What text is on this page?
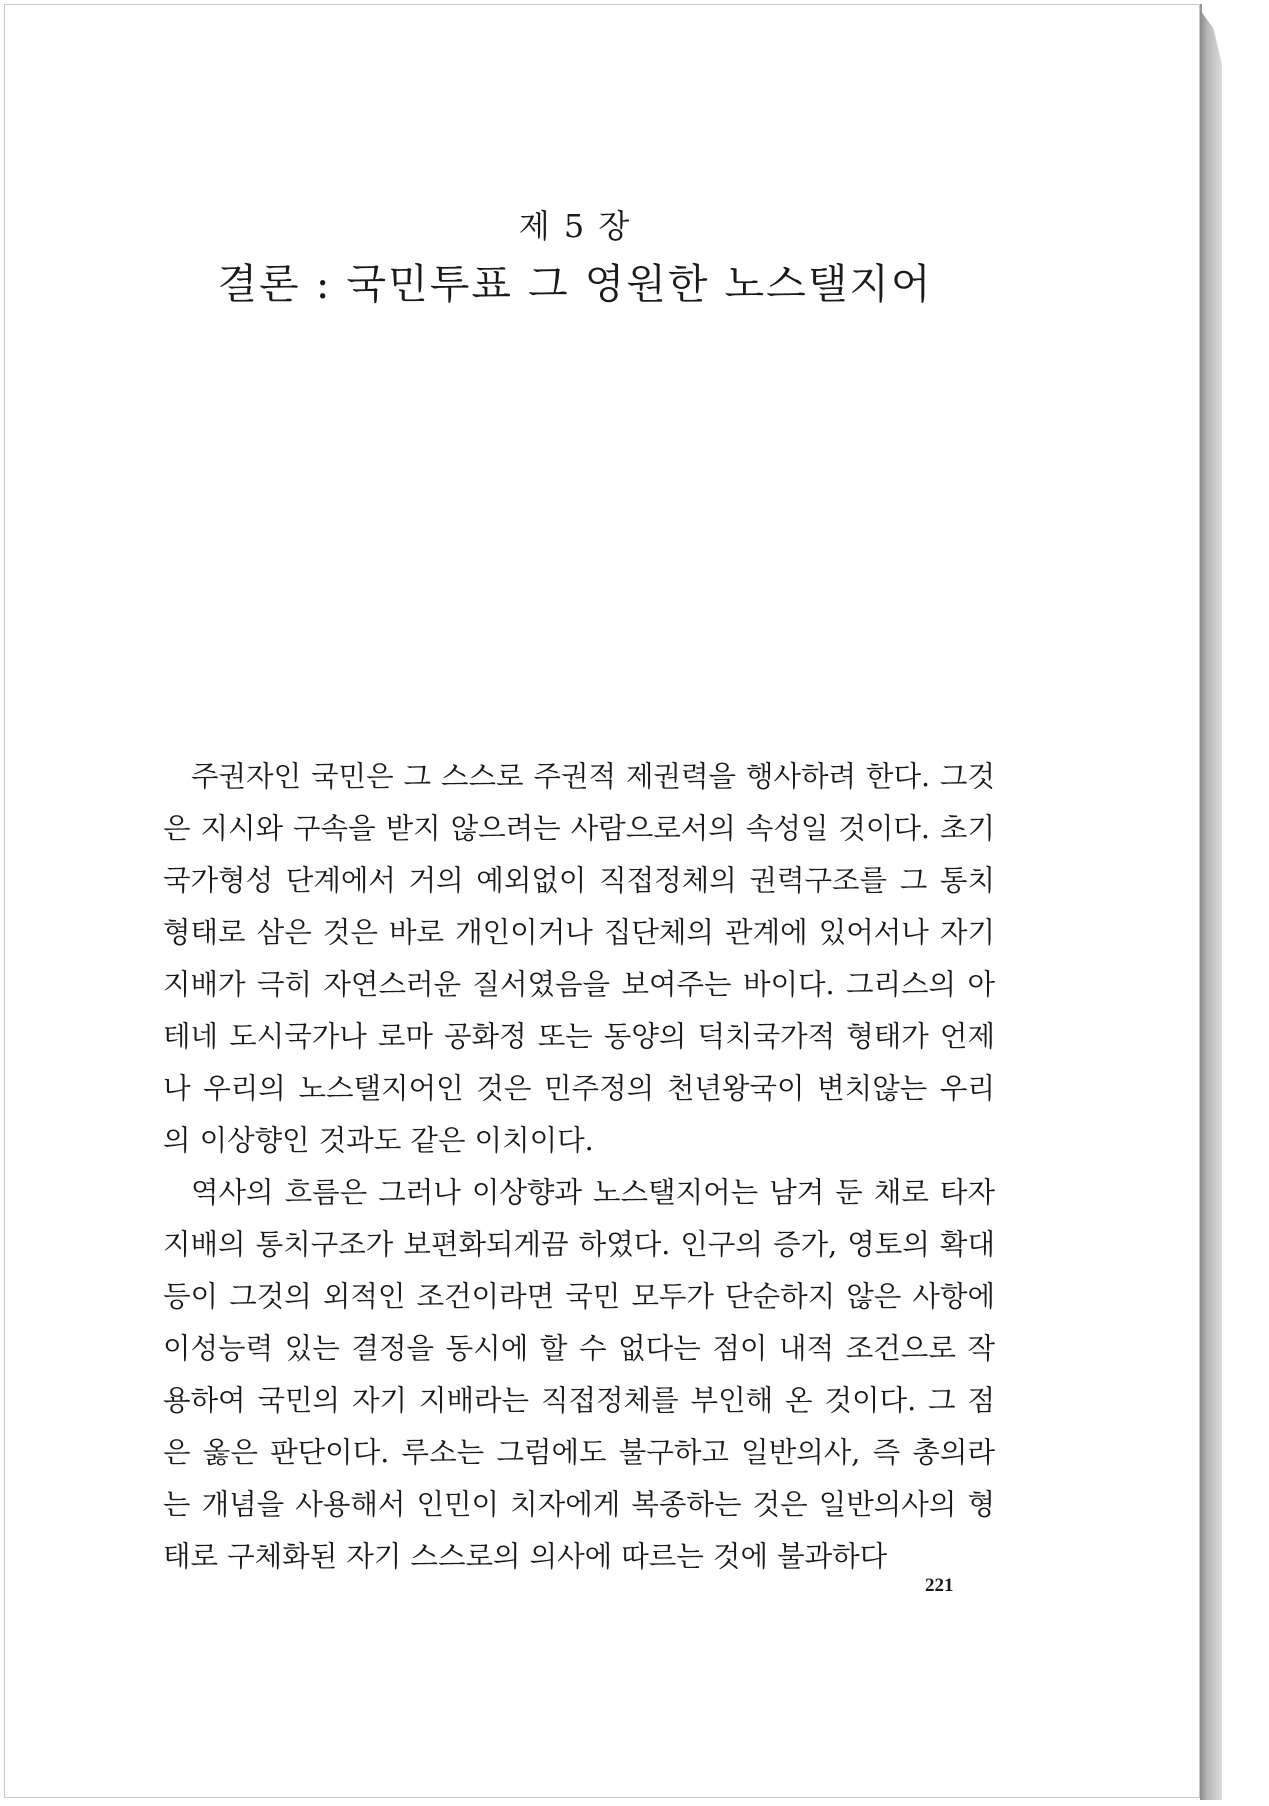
제 5 장
결론 : 국민투표 그 영원한 노스탤지어

주권자인 국민은 그 스스로 주권적 제권력을 행사하려 한다. 그것은 지시와 구속을 받지 않으려는 사람으로서의 속성일 것이다. 초기 국가형성 단계에서 거의 예외없이 직접정체의 권력구조를 그 통치형태로 삼은 것은 바로 개인이거나 집단체의 관계에 있어서나 자기 지배가 극히 자연스러운 질서였음을 보여주는 바이다. 그리스의 아테네 도시국가나 로마 공화정 또는 동양의 덕치국가적 형태가 언제나 우리의 노스탤지어인 것은 민주정의 천년왕국이 변치않는 우리의 이상향인 것과도 같은 이치이다.

역사의 흐름은 그러나 이상향과 노스탤지어는 남겨 둔 채로 타자지배의 통치구조가 보편화되게끔 하였다. 인구의 증가, 영토의 확대 등이 그것의 외적인 조건이라면 국민 모두가 단순하지 않은 사항에 이성능력 있는 결정을 동시에 할 수 없다는 점이 내적 조건으로 작용하여 국민의 자기 지배라는 직접정체를 부인해 온 것이다. 그 점은 옳은 판단이다. 루소는 그럼에도 불구하고 일반의사, 즉 총의라는 개념을 사용해서 인민이 치자에게 복종하는 것은 일반의사의 형태로 구체화된 자기 스스로의 의사에 따르는 것에 불과하다

221
